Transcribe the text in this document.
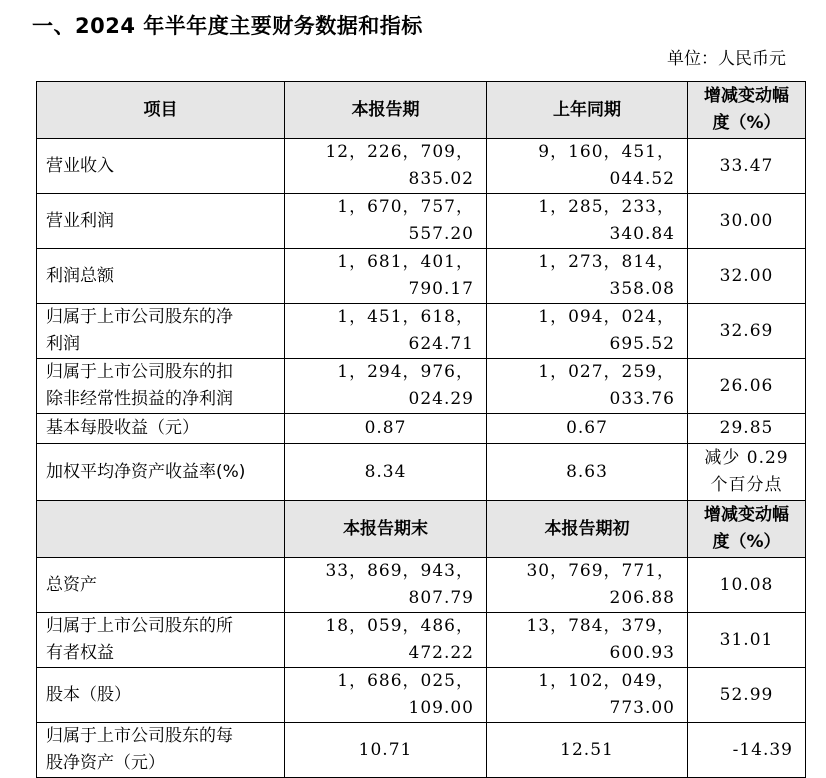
一、2024 年半年度主要财务数据和指标
单位：人民币元
项目	本报告期	上年同期	增减变动幅
度（%）

营业收入	12，226，709，835.02	9，160，451，044.52	33.47
营业利润	1，670，757，557.20	1，285，233，340.84	30.00
利润总额	1，681，401，790.17	1，273，814，358.08	32.00

归属于上市公司股东的净
利润	1，451，618，624.71	1，094，024，695.52	32.69

归属于上市公司股东的扣
除非经常性损益的净利润	1，294，976，024.29	1，027，259，033.76	26.06
基本每股收益（元）	0.87	0.67	29.85
加权平均净资产收益率(%)	8.34	8.63	减少 0.29
个百分点

	本报告期末	本报告期初	增减变动幅
度（%）

总资产	33，869，943，807.79	30，769，771，206.88	10.08

归属于上市公司股东的所
有者权益	18，059，486，472.22	13，784，379，600.93	31.01
股本（股）	1，686，025，109.00	1，102，049，773.00	52.99

归属于上市公司股东的每
股净资产（元）	10.71	12.51	-14.39
